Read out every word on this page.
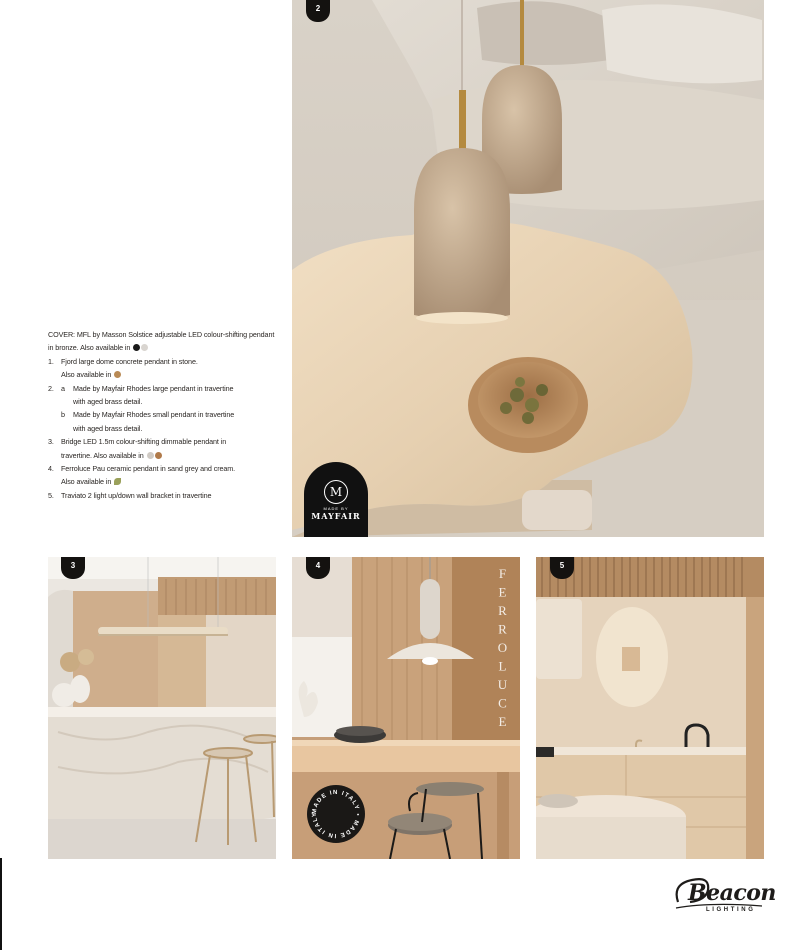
2
M
MADE BY
MAYFAIR
COVER: MFL by Masson Solstice adjustable LED colour-shifting pendant in bronze. Also available in
1.	Fjord large dome concrete pendant in stone.
Also available in
2.	a	Made by Mayfair Rhodes large pendant in travertine
with aged brass detail.
b	Made by Mayfair Rhodes small pendant in travertine
with aged brass detail.
3.	Bridge LED 1.5m colour-shifting dimmable pendant in
travertine. Also available in
4.	Ferroluce Pau ceramic pendant in sand grey and cream.
Also available in
5.	Traviato 2 light up/down wall bracket in travertine
3
FERROLUCE
4
MADE IN ITALY • MADE IN ITALY
5
Beacon
LIGHTING
